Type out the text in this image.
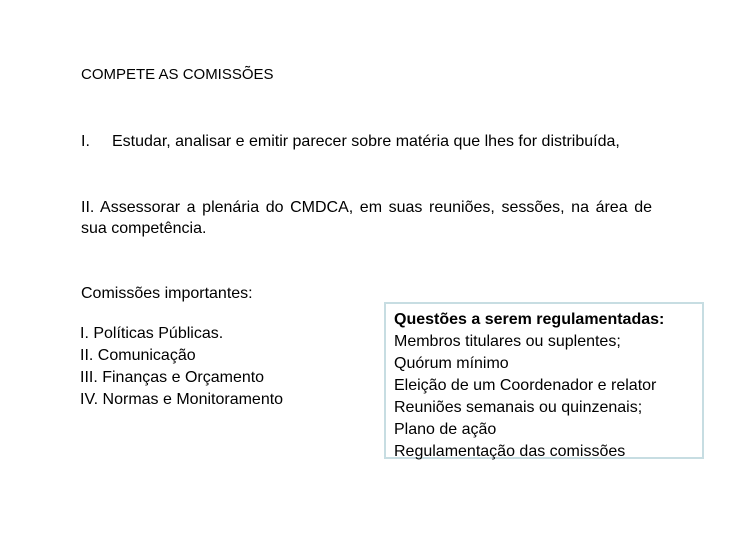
COMPETE AS COMISSÕES
I. Estudar, analisar e emitir parecer sobre matéria que lhes for distribuída,
II. Assessorar a plenária do CMDCA, em suas reuniões, sessões, na área de sua competência.
Comissões importantes:
I. Políticas Públicas.
II. Comunicação
III. Finanças e Orçamento
IV. Normas e Monitoramento
Questões a serem regulamentadas:
Membros titulares ou suplentes;
Quórum mínimo
Eleição de um Coordenador e relator
Reuniões semanais ou quinzenais;
Plano de ação
Regulamentação das comissões
